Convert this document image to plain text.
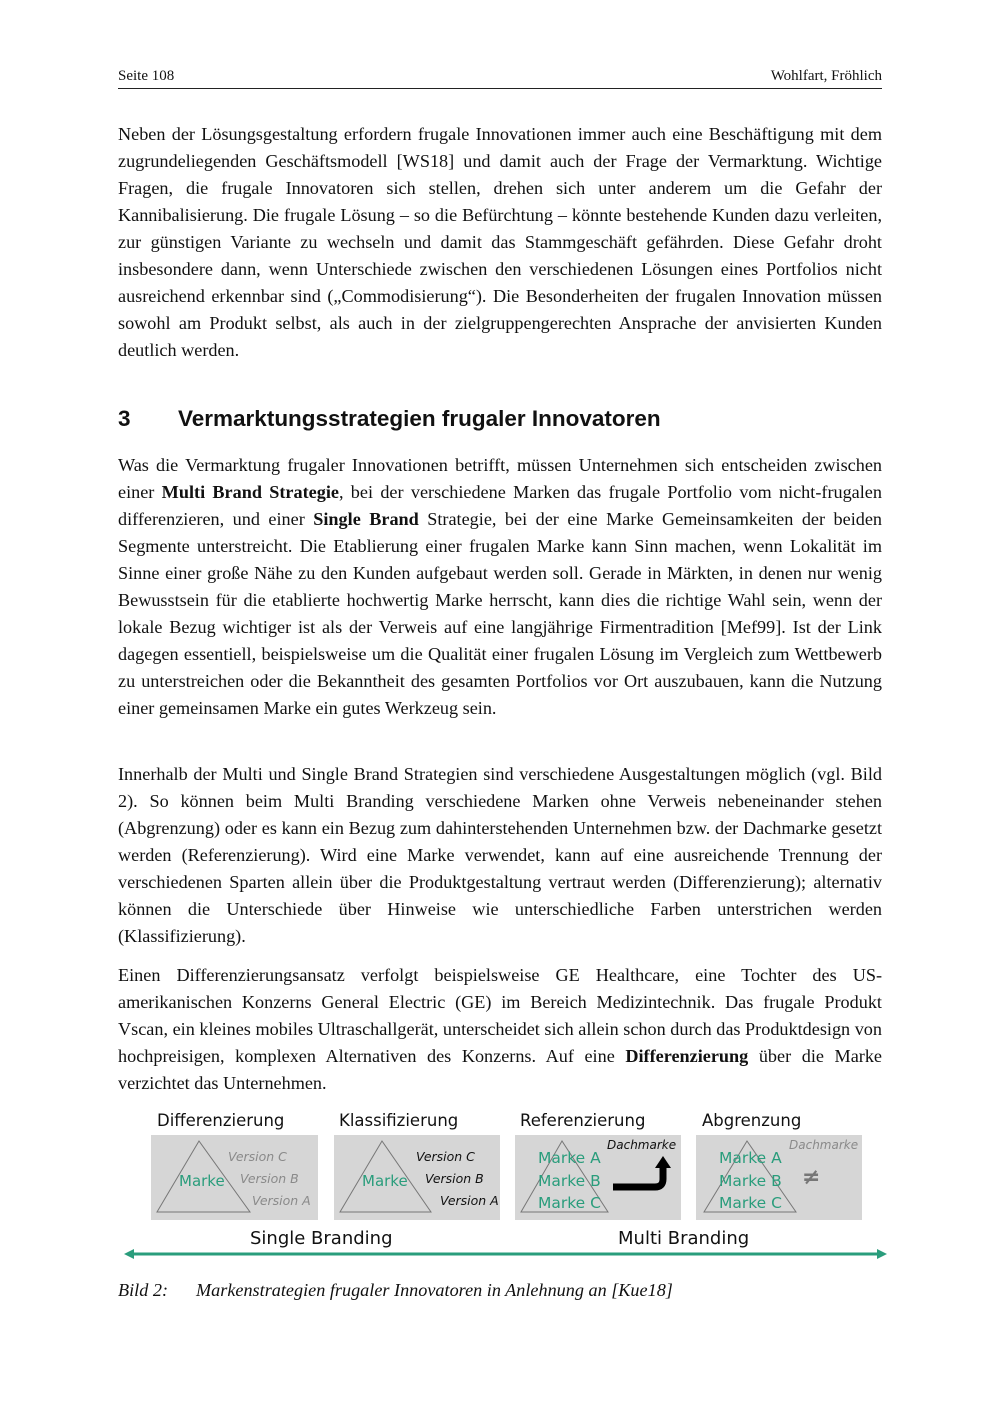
Seite 108	Wohlfart, Fröhlich

Neben der Lösungsgestaltung erfordern frugale Innovationen immer auch eine Beschäftigung mit dem zugrundeliegenden Geschäftsmodell [WS18] und damit auch der Frage der Vermarktung. Wichtige Fragen, die frugale Innovatoren sich stellen, drehen sich unter anderem um die Gefahr der Kannibalisierung. Die frugale Lösung – so die Befürchtung – könnte bestehende Kunden dazu verleiten, zur günstigen Variante zu wechseln und damit das Stammgeschäft gefährden. Diese Gefahr droht insbesondere dann, wenn Unterschiede zwischen den verschiedenen Lösungen eines Portfolios nicht ausreichend erkennbar sind („Commodisierung“). Die Besonderheiten der frugalen Innovation müssen sowohl am Produkt selbst, als auch in der zielgruppengerechten Ansprache der anvisierten Kunden deutlich werden.

3 Vermarktungsstrategien frugaler Innovatoren

Was die Vermarktung frugaler Innovationen betrifft, müssen Unternehmen sich entscheiden zwischen einer Multi Brand Strategie, bei der verschiedene Marken das frugale Portfolio vom nicht-frugalen differenzieren, und einer Single Brand Strategie, bei der eine Marke Gemeinsamkeiten der beiden Segmente unterstreicht. Die Etablierung einer frugalen Marke kann Sinn machen, wenn Lokalität im Sinne einer große Nähe zu den Kunden aufgebaut werden soll. Gerade in Märkten, in denen nur wenig Bewusstsein für die etablierte hochwertig Marke herrscht, kann dies die richtige Wahl sein, wenn der lokale Bezug wichtiger ist als der Verweis auf eine langjährige Firmentradition [Mef99]. Ist der Link dagegen essentiell, beispielsweise um die Qualität einer frugalen Lösung im Vergleich zum Wettbewerb zu unterstreichen oder die Bekanntheit des gesamten Portfolios vor Ort auszubauen, kann die Nutzung einer gemeinsamen Marke ein gutes Werkzeug sein.

Innerhalb der Multi und Single Brand Strategien sind verschiedene Ausgestaltungen möglich (vgl. Bild 2). So können beim Multi Branding verschiedene Marken ohne Verweis nebeneinander stehen (Abgrenzung) oder es kann ein Bezug zum dahinterstehenden Unternehmen bzw. der Dachmarke gesetzt werden (Referenzierung). Wird eine Marke verwendet, kann auf eine ausreichende Trennung der verschiedenen Sparten allein über die Produktgestaltung vertraut werden (Differenzierung); alternativ können die Unterschiede über Hinweise wie unterschiedliche Farben unterstrichen werden (Klassifizierung).

Einen Differenzierungsansatz verfolgt beispielsweise GE Healthcare, eine Tochter des US-amerikanischen Konzerns General Electric (GE) im Bereich Medizintechnik. Das frugale Produkt Vscan, ein kleines mobiles Ultraschallgerät, unterscheidet sich allein schon durch das Produktdesign von hochpreisigen, komplexen Alternativen des Konzerns. Auf eine Differenzierung über die Marke verzichtet das Unternehmen.

Differenzierung
Marke
Version C
Version B
Version A
Klassifizierung
Marke
Version C
Version B
Version A
Referenzierung
Marke A
Marke B
Marke C
Dachmarke
Abgrenzung
Marke A
Marke B
Marke C
Dachmarke
≠
Single Branding	Multi Branding
Bild 2: Markenstrategien frugaler Innovatoren in Anlehnung an [Kue18]
